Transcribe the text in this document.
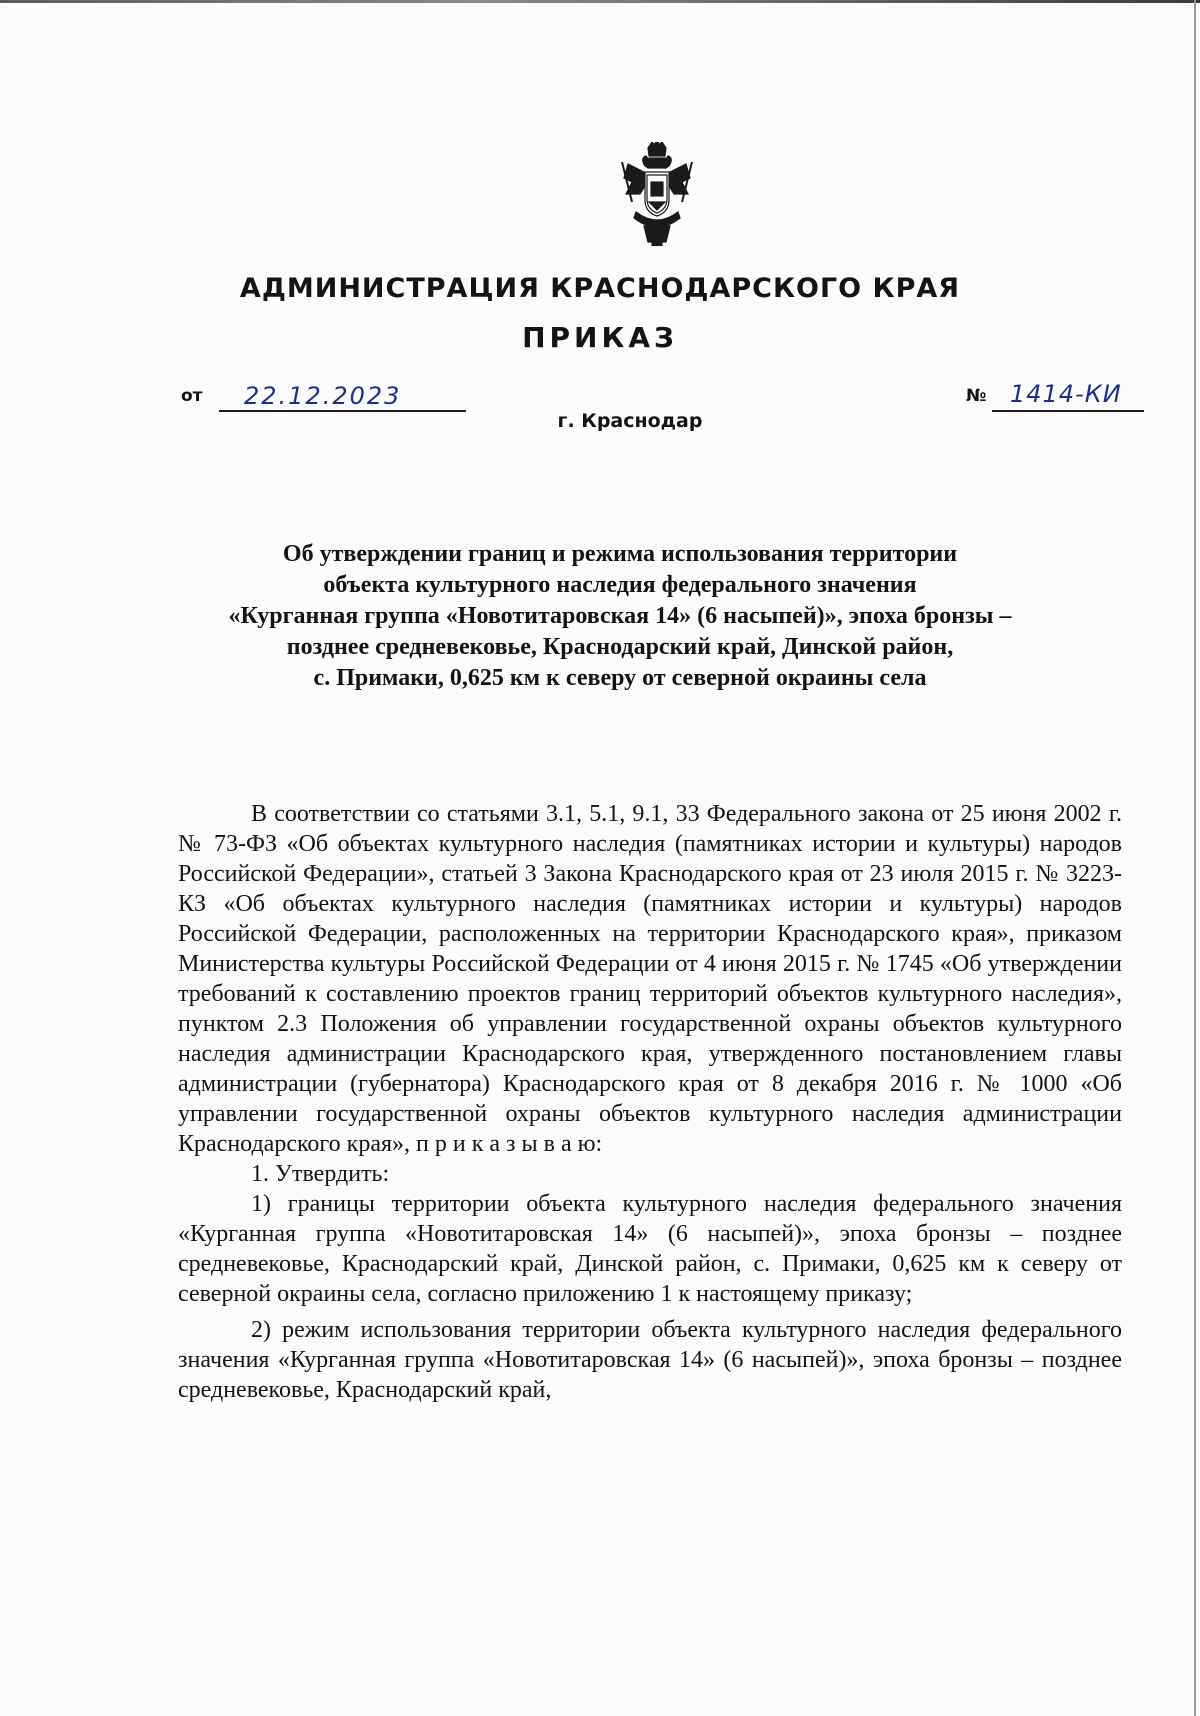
АДМИНИСТРАЦИЯ КРАСНОДАРСКОГО КРАЯ
ПРИКАЗ
от 22.12.2023
г. Краснодар
№ 1414-КИ
Об утверждении границ и режима использования территории
объекта культурного наследия федерального значения
«Курганная группа «Новотитаровская 14» (6 насыпей)», эпоха бронзы –
позднее средневековье, Краснодарский край, Динской район,
с. Примаки, 0,625 км к северу от северной окраины села

В соответствии со статьями 3.1, 5.1, 9.1, 33 Федерального закона от 25 июня 2002 г. № 73-ФЗ «Об объектах культурного наследия (памятниках истории и культуры) народов Российской Федерации», статьей 3 Закона Краснодарского края от 23 июля 2015 г. № 3223-КЗ «Об объектах культурного наследия (памятниках истории и культуры) народов Российской Федерации, расположенных на территории Краснодарского края», приказом Министерства культуры Российской Федерации от 4 июня 2015 г. № 1745 «Об утверждении требований к составлению проектов границ территорий объектов культурного наследия», пунктом 2.3 Положения об управлении государственной охраны объектов культурного наследия администрации Краснодарского края, утвержденного постановлением главы администрации (губернатора) Краснодарского края от 8 декабря 2016 г. № 1000 «Об управлении государственной охраны объектов культурного наследия администрации Краснодарского края», п р и к а з ы в а ю:

1. Утвердить:

1) границы территории объекта культурного наследия федерального значения «Курганная группа «Новотитаровская 14» (6 насыпей)», эпоха бронзы – позднее средневековье, Краснодарский край, Динской район, с. Примаки, 0,625 км к северу от северной окраины села, согласно приложению 1 к настоящему приказу;

2) режим использования территории объекта культурного наследия федерального значения «Курганная группа «Новотитаровская 14» (6 насыпей)», эпоха бронзы – позднее средневековье, Краснодарский край,
